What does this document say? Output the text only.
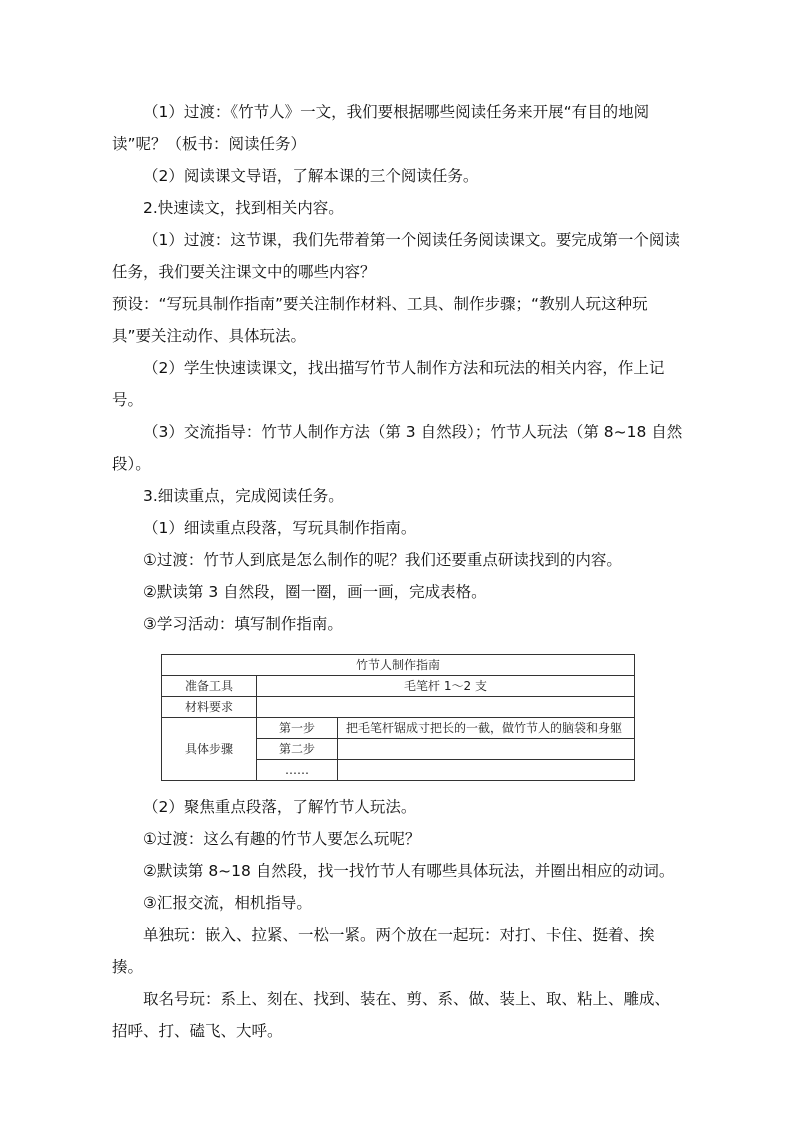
（1）过渡：《竹节人》一文，我们要根据哪些阅读任务来开展“有目的地阅读”呢？（板书：阅读任务）

（2）阅读课文导语，了解本课的三个阅读任务。

2.快速读文，找到相关内容。

（1）过渡：这节课，我们先带着第一个阅读任务阅读课文。要完成第一个阅读任务，我们要关注课文中的哪些内容？

预设：“写玩具制作指南”要关注制作材料、工具、制作步骤；“教别人玩这种玩具”要关注动作、具体玩法。

（2）学生快速读课文，找出描写竹节人制作方法和玩法的相关内容，作上记号。

（3）交流指导：竹节人制作方法（第 3 自然段）；竹节人玩法（第 8~18 自然段）。

3.细读重点，完成阅读任务。

（1）细读重点段落，写玩具制作指南。

①过渡：竹节人到底是怎么制作的呢？我们还要重点研读找到的内容。

②默读第 3 自然段，圈一圈，画一画，完成表格。

③学习活动：填写制作指南。

竹节人制作指南		
准备工具	毛笔杆 1～2 支	
材料要求		
具体步骤	第一步	把毛笔杆锯成寸把长的一截，做竹节人的脑袋和身躯
	第二步	
	……	

（2）聚焦重点段落，了解竹节人玩法。

①过渡：这么有趣的竹节人要怎么玩呢？

②默读第 8~18 自然段，找一找竹节人有哪些具体玩法，并圈出相应的动词。

③汇报交流，相机指导。

单独玩：嵌入、拉紧、一松一紧。两个放在一起玩：对打、卡住、挺着、挨揍。

取名号玩：系上、刻在、找到、装在、剪、系、做、装上、取、粘上、雕成、招呼、打、磕飞、大呼。
